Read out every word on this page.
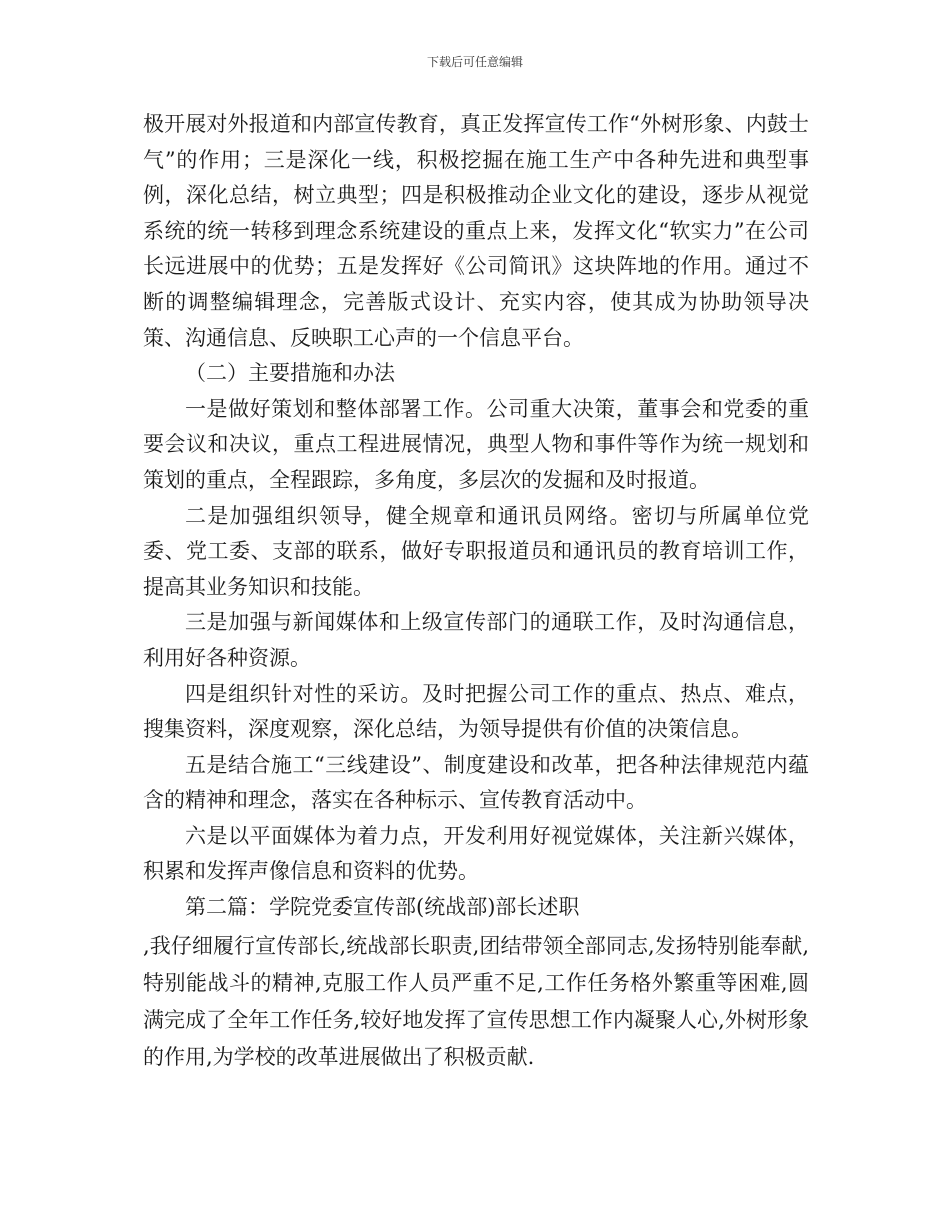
下载后可任意编辑

极开展对外报道和内部宣传教育，真正发挥宣传工作“外树形象、内鼓士气”的作用；三是深化一线，积极挖掘在施工生产中各种先进和典型事例，深化总结，树立典型；四是积极推动企业文化的建设，逐步从视觉系统的统一转移到理念系统建设的重点上来，发挥文化“软实力”在公司长远进展中的优势；五是发挥好《公司简讯》这块阵地的作用。通过不断的调整编辑理念，完善版式设计、充实内容，使其成为协助领导决策、沟通信息、反映职工心声的一个信息平台。

（二）主要措施和办法

一是做好策划和整体部署工作。公司重大决策，董事会和党委的重要会议和决议，重点工程进展情况，典型人物和事件等作为统一规划和策划的重点，全程跟踪，多角度，多层次的发掘和及时报道。

二是加强组织领导，健全规章和通讯员网络。密切与所属单位党委、党工委、支部的联系，做好专职报道员和通讯员的教育培训工作，提高其业务知识和技能。

三是加强与新闻媒体和上级宣传部门的通联工作，及时沟通信息，利用好各种资源。

四是组织针对性的采访。及时把握公司工作的重点、热点、难点，搜集资料，深度观察，深化总结，为领导提供有价值的决策信息。

五是结合施工“三线建设”、制度建设和改革，把各种法律规范内蕴含的精神和理念，落实在各种标示、宣传教育活动中。

六是以平面媒体为着力点，开发利用好视觉媒体，关注新兴媒体，积累和发挥声像信息和资料的优势。

第二篇：学院党委宣传部(统战部)部长述职

,我仔细履行宣传部长,统战部长职责,团结带领全部同志,发扬特别能奉献,特别能战斗的精神,克服工作人员严重不足,工作任务格外繁重等困难,圆满完成了全年工作任务,较好地发挥了宣传思想工作内凝聚人心,外树形象的作用,为学校的改革进展做出了积极贡献.
